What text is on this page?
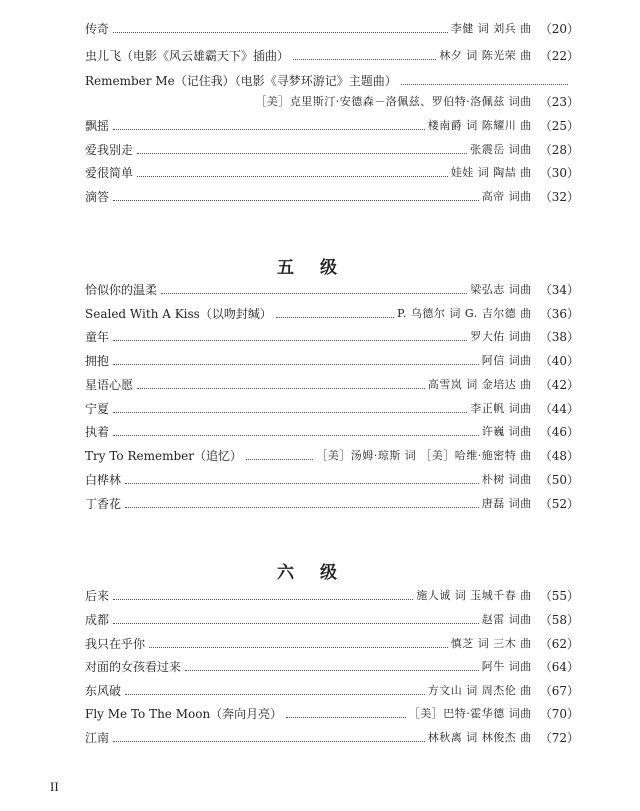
传奇	李健 词 刘兵 曲 （20）
虫儿飞（电影《风云雄霸天下》插曲）	林夕 词 陈光荣 曲 （22）
Remember Me（记住我）（电影《寻梦环游记》主题曲）
［美］克里斯汀·安德森－洛佩兹、罗伯特·洛佩兹 词曲 （23）
飘摇	楼南爵 词 陈耀川 曲 （25）
爱我别走	张震岳 词曲 （28）
爱很简单	娃娃 词 陶喆 曲 （30）
滴答	高帝 词曲 （32）
五级
恰似你的温柔	梁弘志 词曲 （34）
Sealed With A Kiss（以吻封缄）	P. 乌德尔 词 G. 吉尔德 曲 （36）
童年	罗大佑 词曲 （38）
拥抱	阿信 词曲 （40）
星语心愿	高雪岚 词 金培达 曲 （42）
宁夏	李正帆 词曲 （44）
执着	许巍 词曲 （46）
Try To Remember（追忆）	［美］汤姆·琼斯 词 ［美］哈维·施密特 曲 （48）
白桦林	朴树 词曲 （50）
丁香花	唐磊 词曲 （52）
六级
后来	施人诚 词 玉城千春 曲 （55）
成都	赵雷 词曲 （58）
我只在乎你	慎芝 词 三木 曲 （62）
对面的女孩看过来	阿牛 词曲 （64）
东风破	方文山 词 周杰伦 曲 （67）
Fly Me To The Moon（奔向月亮）	［美］巴特·霍华德 词曲 （70）
江南	林秋离 词 林俊杰 曲 （72）
II
